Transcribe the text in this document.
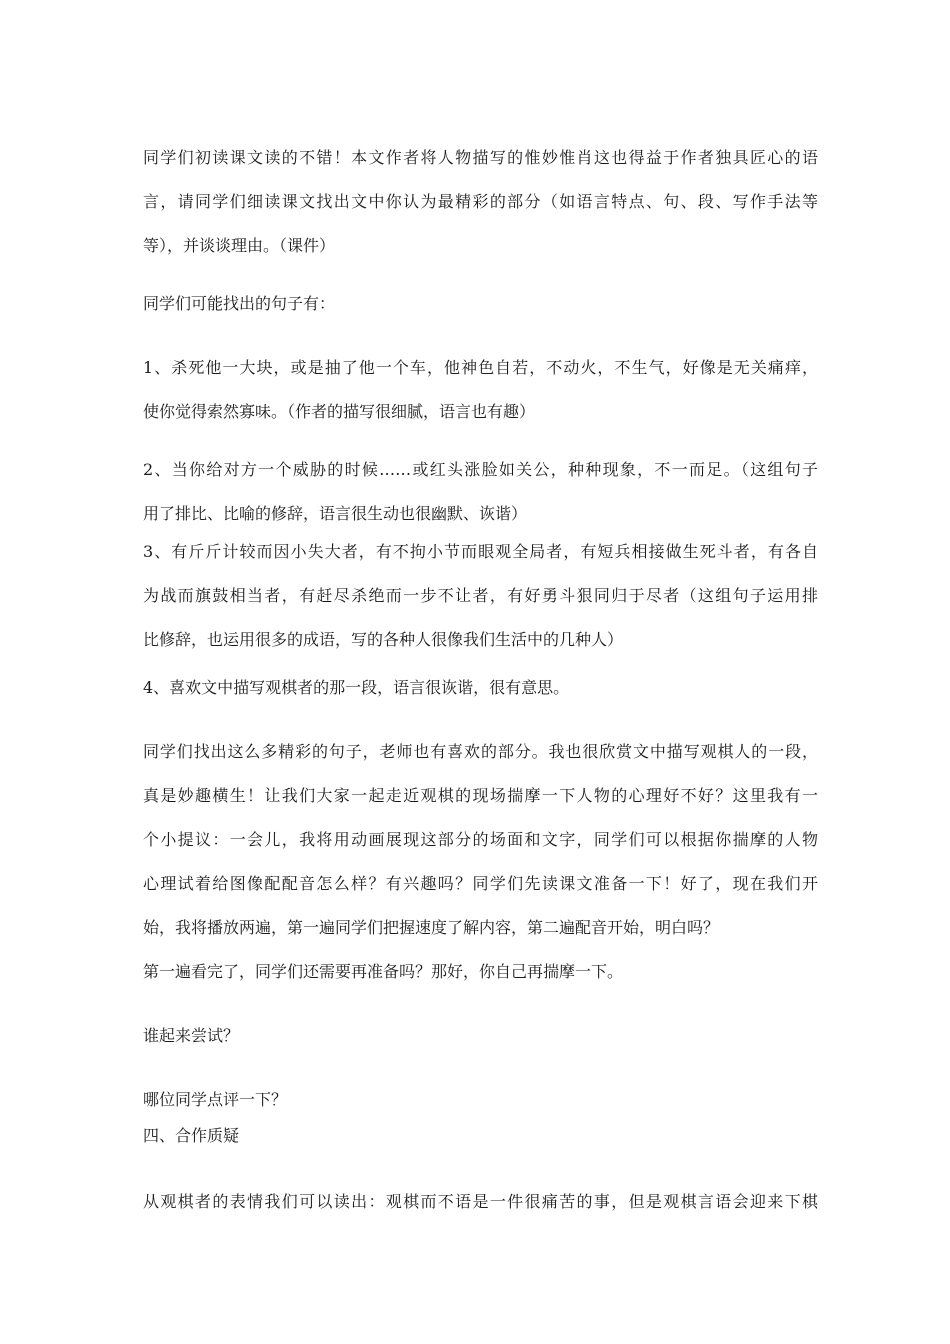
同学们初读课文读的不错！本文作者将人物描写的惟妙惟肖这也得益于作者独具匠心的语
言，请同学们细读课文找出文中你认为最精彩的部分（如语言特点、句、段、写作手法等
等），并谈谈理由。（课件）
同学们可能找出的句子有：
1、杀死他一大块，或是抽了他一个车，他神色自若，不动火，不生气，好像是无关痛痒，
使你觉得索然寡味。（作者的描写很细腻，语言也有趣）
2、当你给对方一个威胁的时候……或红头涨脸如关公，种种现象，不一而足。（这组句子
用了排比、比喻的修辞，语言很生动也很幽默、诙谐）
3、有斤斤计较而因小失大者，有不拘小节而眼观全局者，有短兵相接做生死斗者，有各自
为战而旗鼓相当者，有赶尽杀绝而一步不让者，有好勇斗狠同归于尽者（这组句子运用排
比修辞，也运用很多的成语，写的各种人很像我们生活中的几种人）
4、喜欢文中描写观棋者的那一段，语言很诙谐，很有意思。
同学们找出这么多精彩的句子，老师也有喜欢的部分。我也很欣赏文中描写观棋人的一段，
真是妙趣横生！让我们大家一起走近观棋的现场揣摩一下人物的心理好不好？这里我有一
个小提议：一会儿，我将用动画展现这部分的场面和文字，同学们可以根据你揣摩的人物
心理试着给图像配配音怎么样？有兴趣吗？同学们先读课文准备一下！好了，现在我们开
始，我将播放两遍，第一遍同学们把握速度了解内容，第二遍配音开始，明白吗？
第一遍看完了，同学们还需要再准备吗？那好，你自己再揣摩一下。
谁起来尝试？
哪位同学点评一下？
四、合作质疑
从观棋者的表情我们可以读出：观棋而不语是一件很痛苦的事，但是观棋言语会迎来下棋
